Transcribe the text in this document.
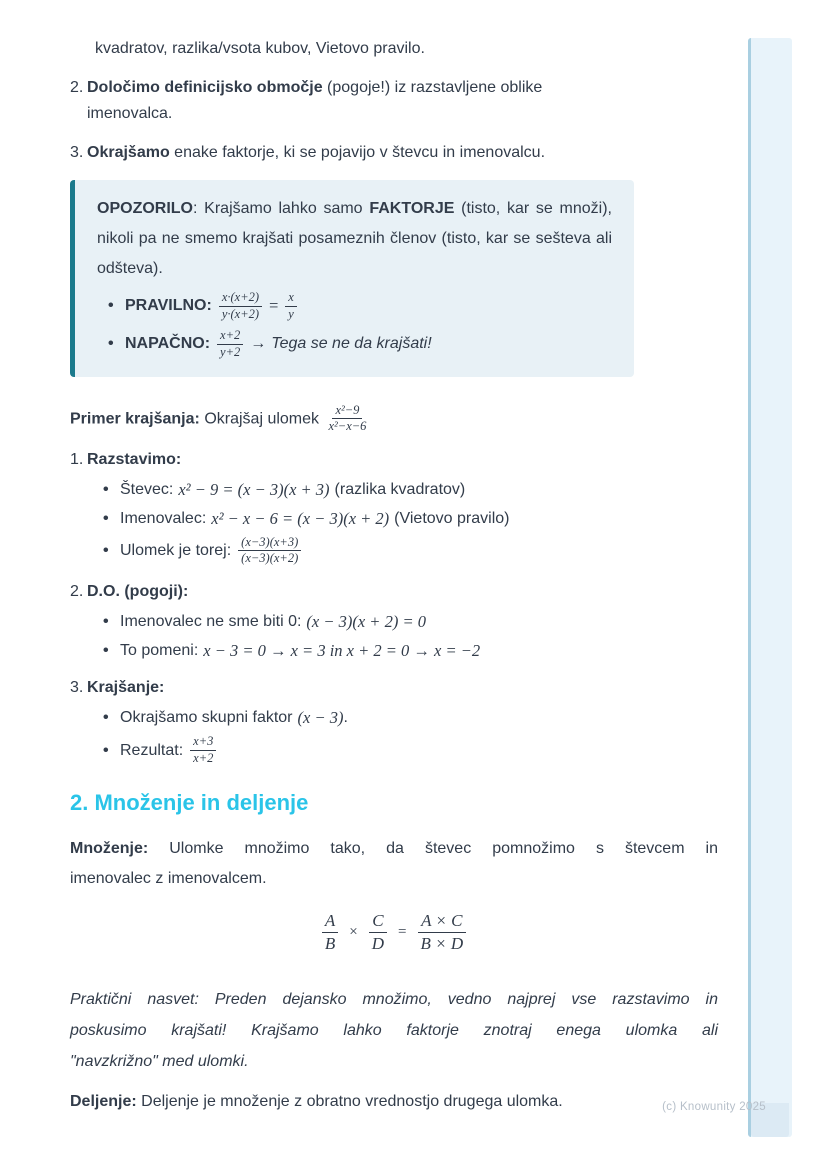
kvadratov, razlika/vsota kubov, Vietovo pravilo.
2. Določimo definicijsko območje (pogoje!) iz razstavljene oblike
imenovalca.
3. Okrajšamo enake faktorje, ki se pojavijo v števcu in imenovalcu.
OPOZORILO: Krajšamo lahko samo FAKTORJE (tisto, kar se množi),
nikoli pa ne smemo krajšati posameznih členov (tisto, kar se sešteva ali
odšteva).
•
PRAVILNO: $\frac{x\cdot(x+2)}{y\cdot(x+2)} = \frac{x}{y}$
•
NAPAČNO: $\frac{x+2}{y+2}$ → Tega se ne da krajšati!
Primer krajšanja: Okrajšaj ulomek $\frac{\text{x²−9}}{\text{x²−x−6}}$
1. Razstavimo:
•
Števec: x² − 9 = (x − 3)(x + 3) (razlika kvadratov)
•
Imenovalec: x² − x − 6 = (x − 3)(x + 2) (Vietovo pravilo)
•
Ulomek je torej: $\frac{(x-3)(x+3)}{(x-3)(x+2)}$
2. D.O. (pogoji):
•
Imenovalec ne sme biti 0: (x − 3)(x + 2) = 0
•
To pomeni: x − 3 = 0 → x = 3 in x + 2 = 0 → x = −2
3. Krajšanje:
•
Okrajšamo skupni faktor (x − 3) .
•
Rezultat: $\frac{x+3}{x+2}$
2. Množenje in deljenje
Množenje: Ulomke množimo tako, da števec pomnožimo s števcem in
imenovalec z imenovalcem.
$\frac{A}{B} \times \frac{C}{D} = \frac{A \times C}{B \times D}$
Praktični nasvet: Preden dejansko množimo, vedno najprej vse razstavimo in
poskusimo krajšati! Krajšamo lahko faktorje znotraj enega ulomka ali
"navzkrižno" med ulomki.
Deljenje: Deljenje je množenje z obratno vrednostjo drugega ulomka.	(c) Knowunity 2025
